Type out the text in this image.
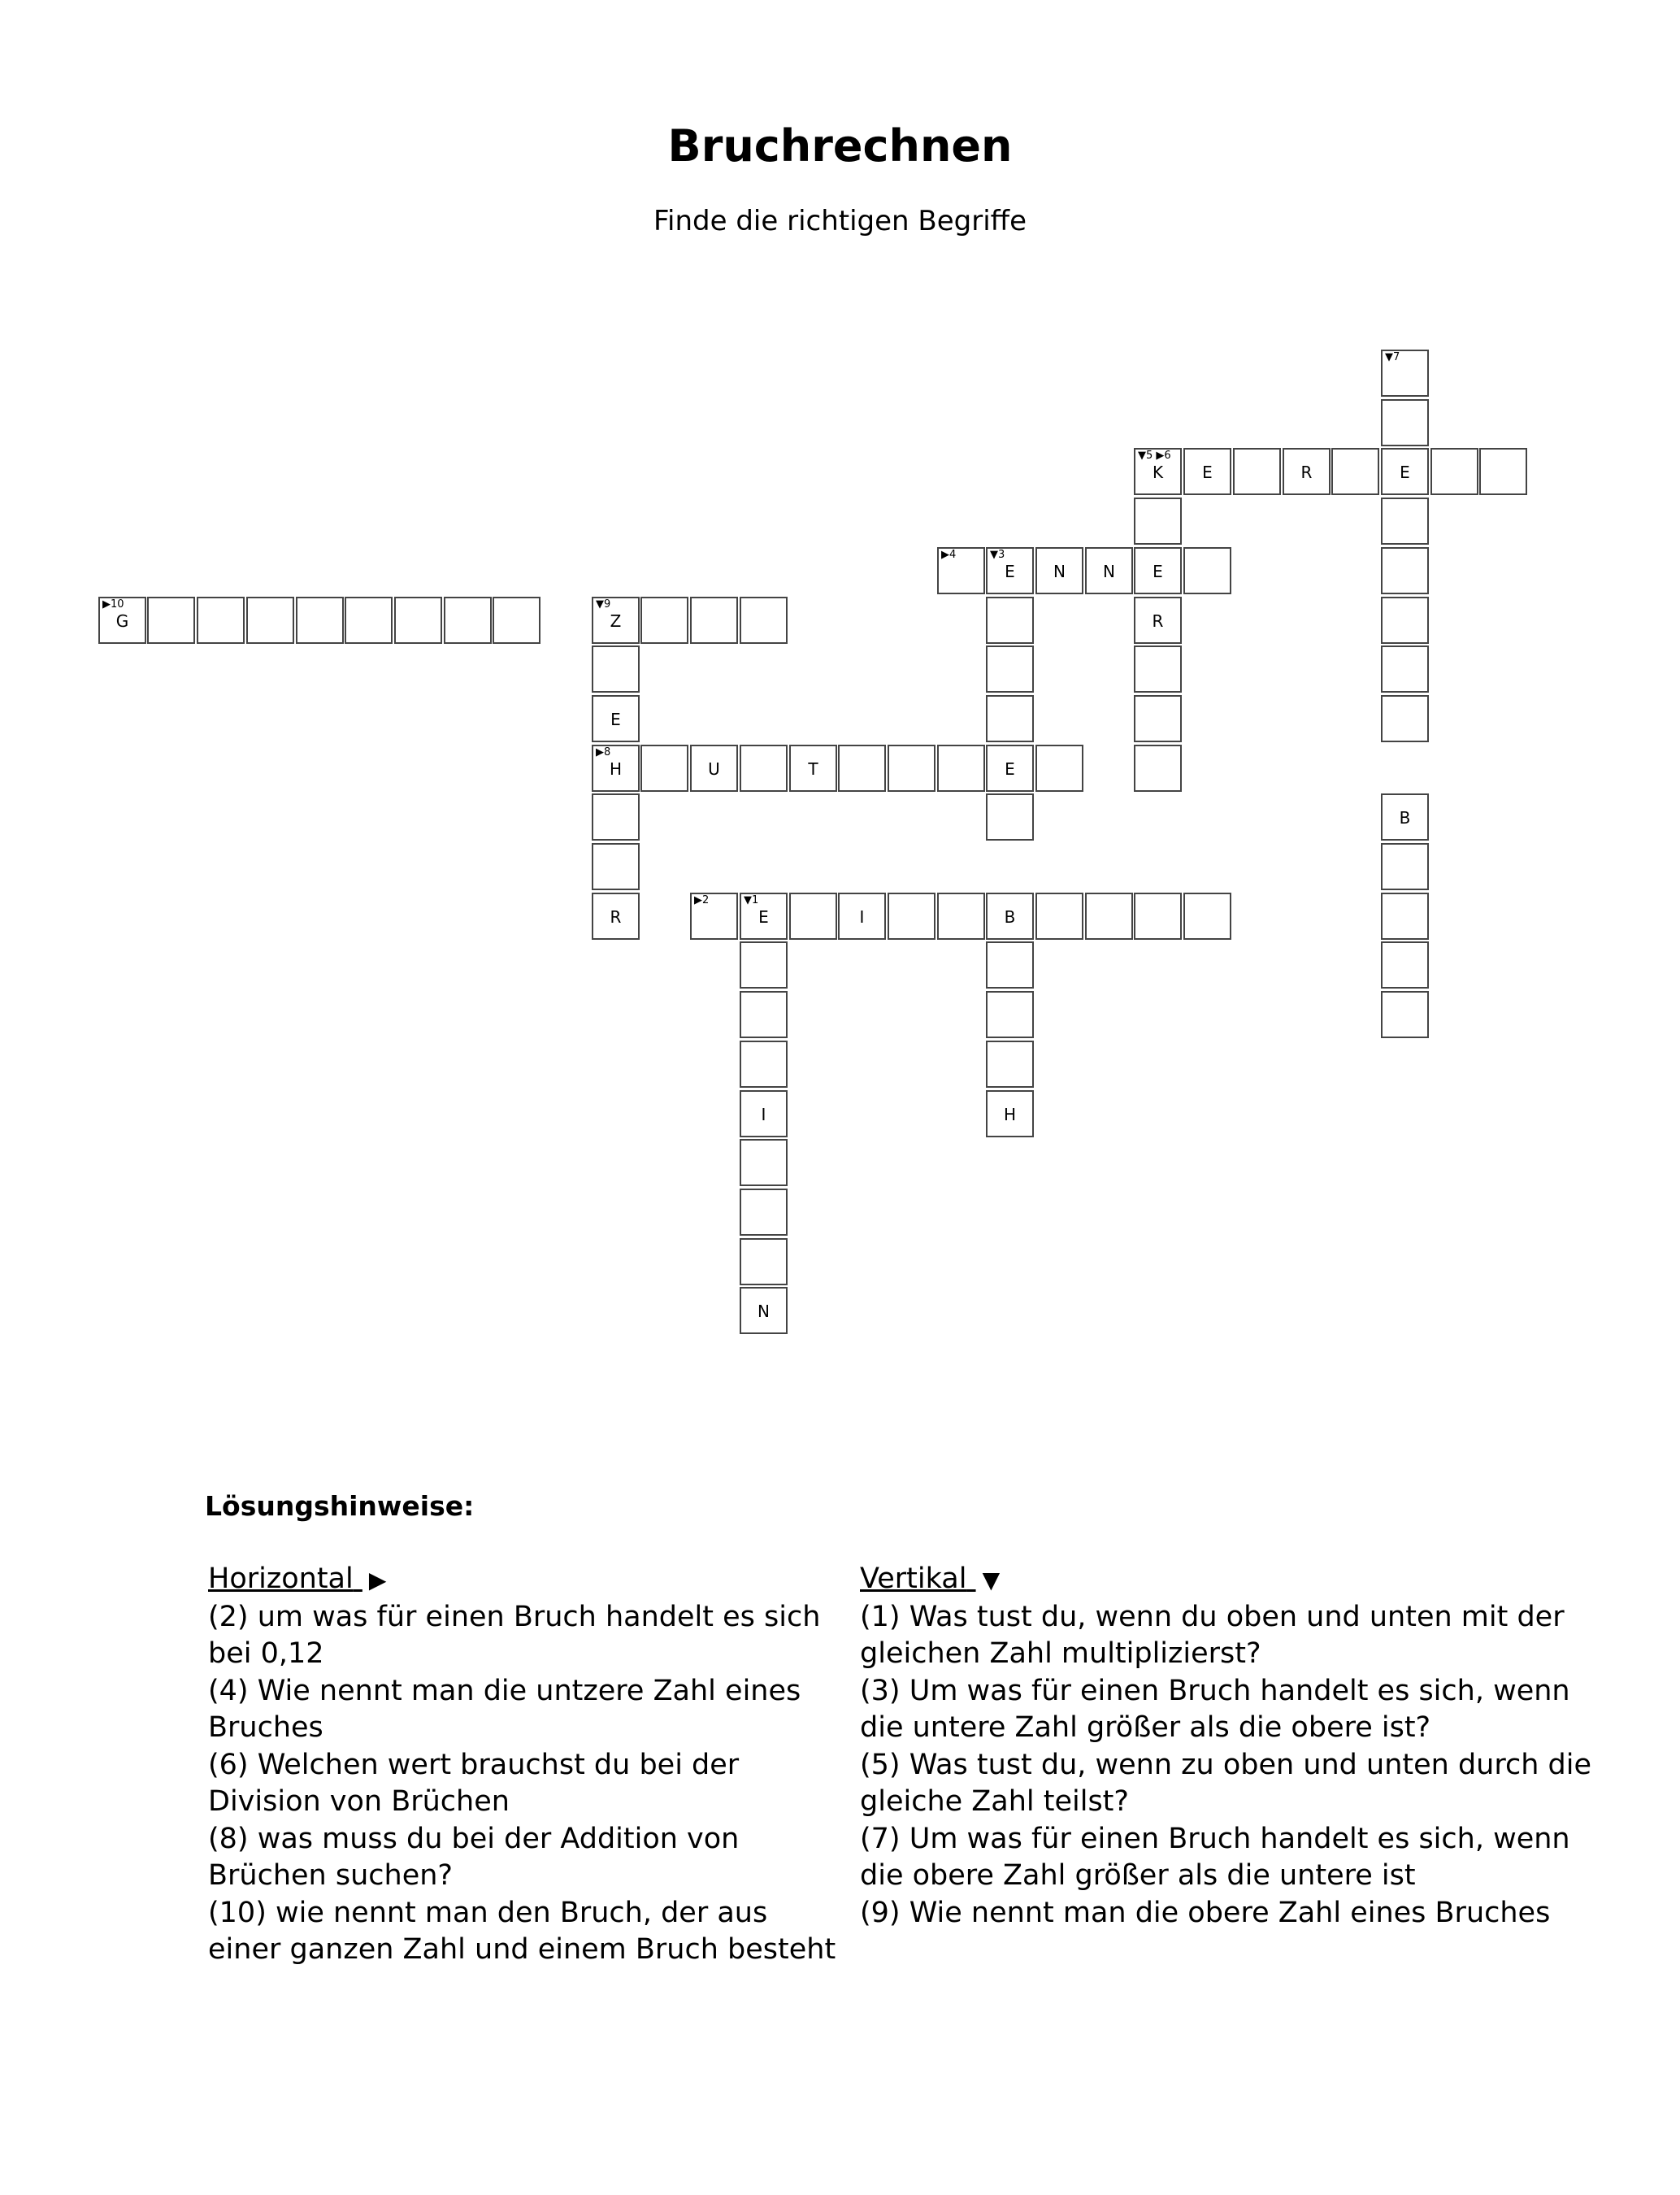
Bruchrechnen

Finde die richtigen Begriffe

▼7
▼5 ▶6
K	E	R	E
▶4	▼3
E	N	N	E
▶10
G
▼9
Z	R
E
▶8
H	U	T	E
B
R
▶2	▼1
E	I	B
I	H
N
Lösungshinweise:
Horizontal ▶

(2) um was für einen Bruch handelt es sich bei 0,12

(4) Wie nennt man die untzere Zahl eines Bruches

(6) Welchen wert brauchst du bei der Division von Brüchen

(8) was muss du bei der Addition von Brüchen suchen?

(10) wie nennt man den Bruch, der aus einer ganzen Zahl und einem Bruch besteht

Vertikal ▼

(1) Was tust du, wenn du oben und unten mit der gleichen Zahl multiplizierst?

(3) Um was für einen Bruch handelt es sich, wenn die untere Zahl größer als die obere ist?

(5) Was tust du, wenn zu oben und unten durch die gleiche Zahl teilst?

(7) Um was für einen Bruch handelt es sich, wenn die obere Zahl größer als die untere ist

(9) Wie nennt man die obere Zahl eines Bruches
